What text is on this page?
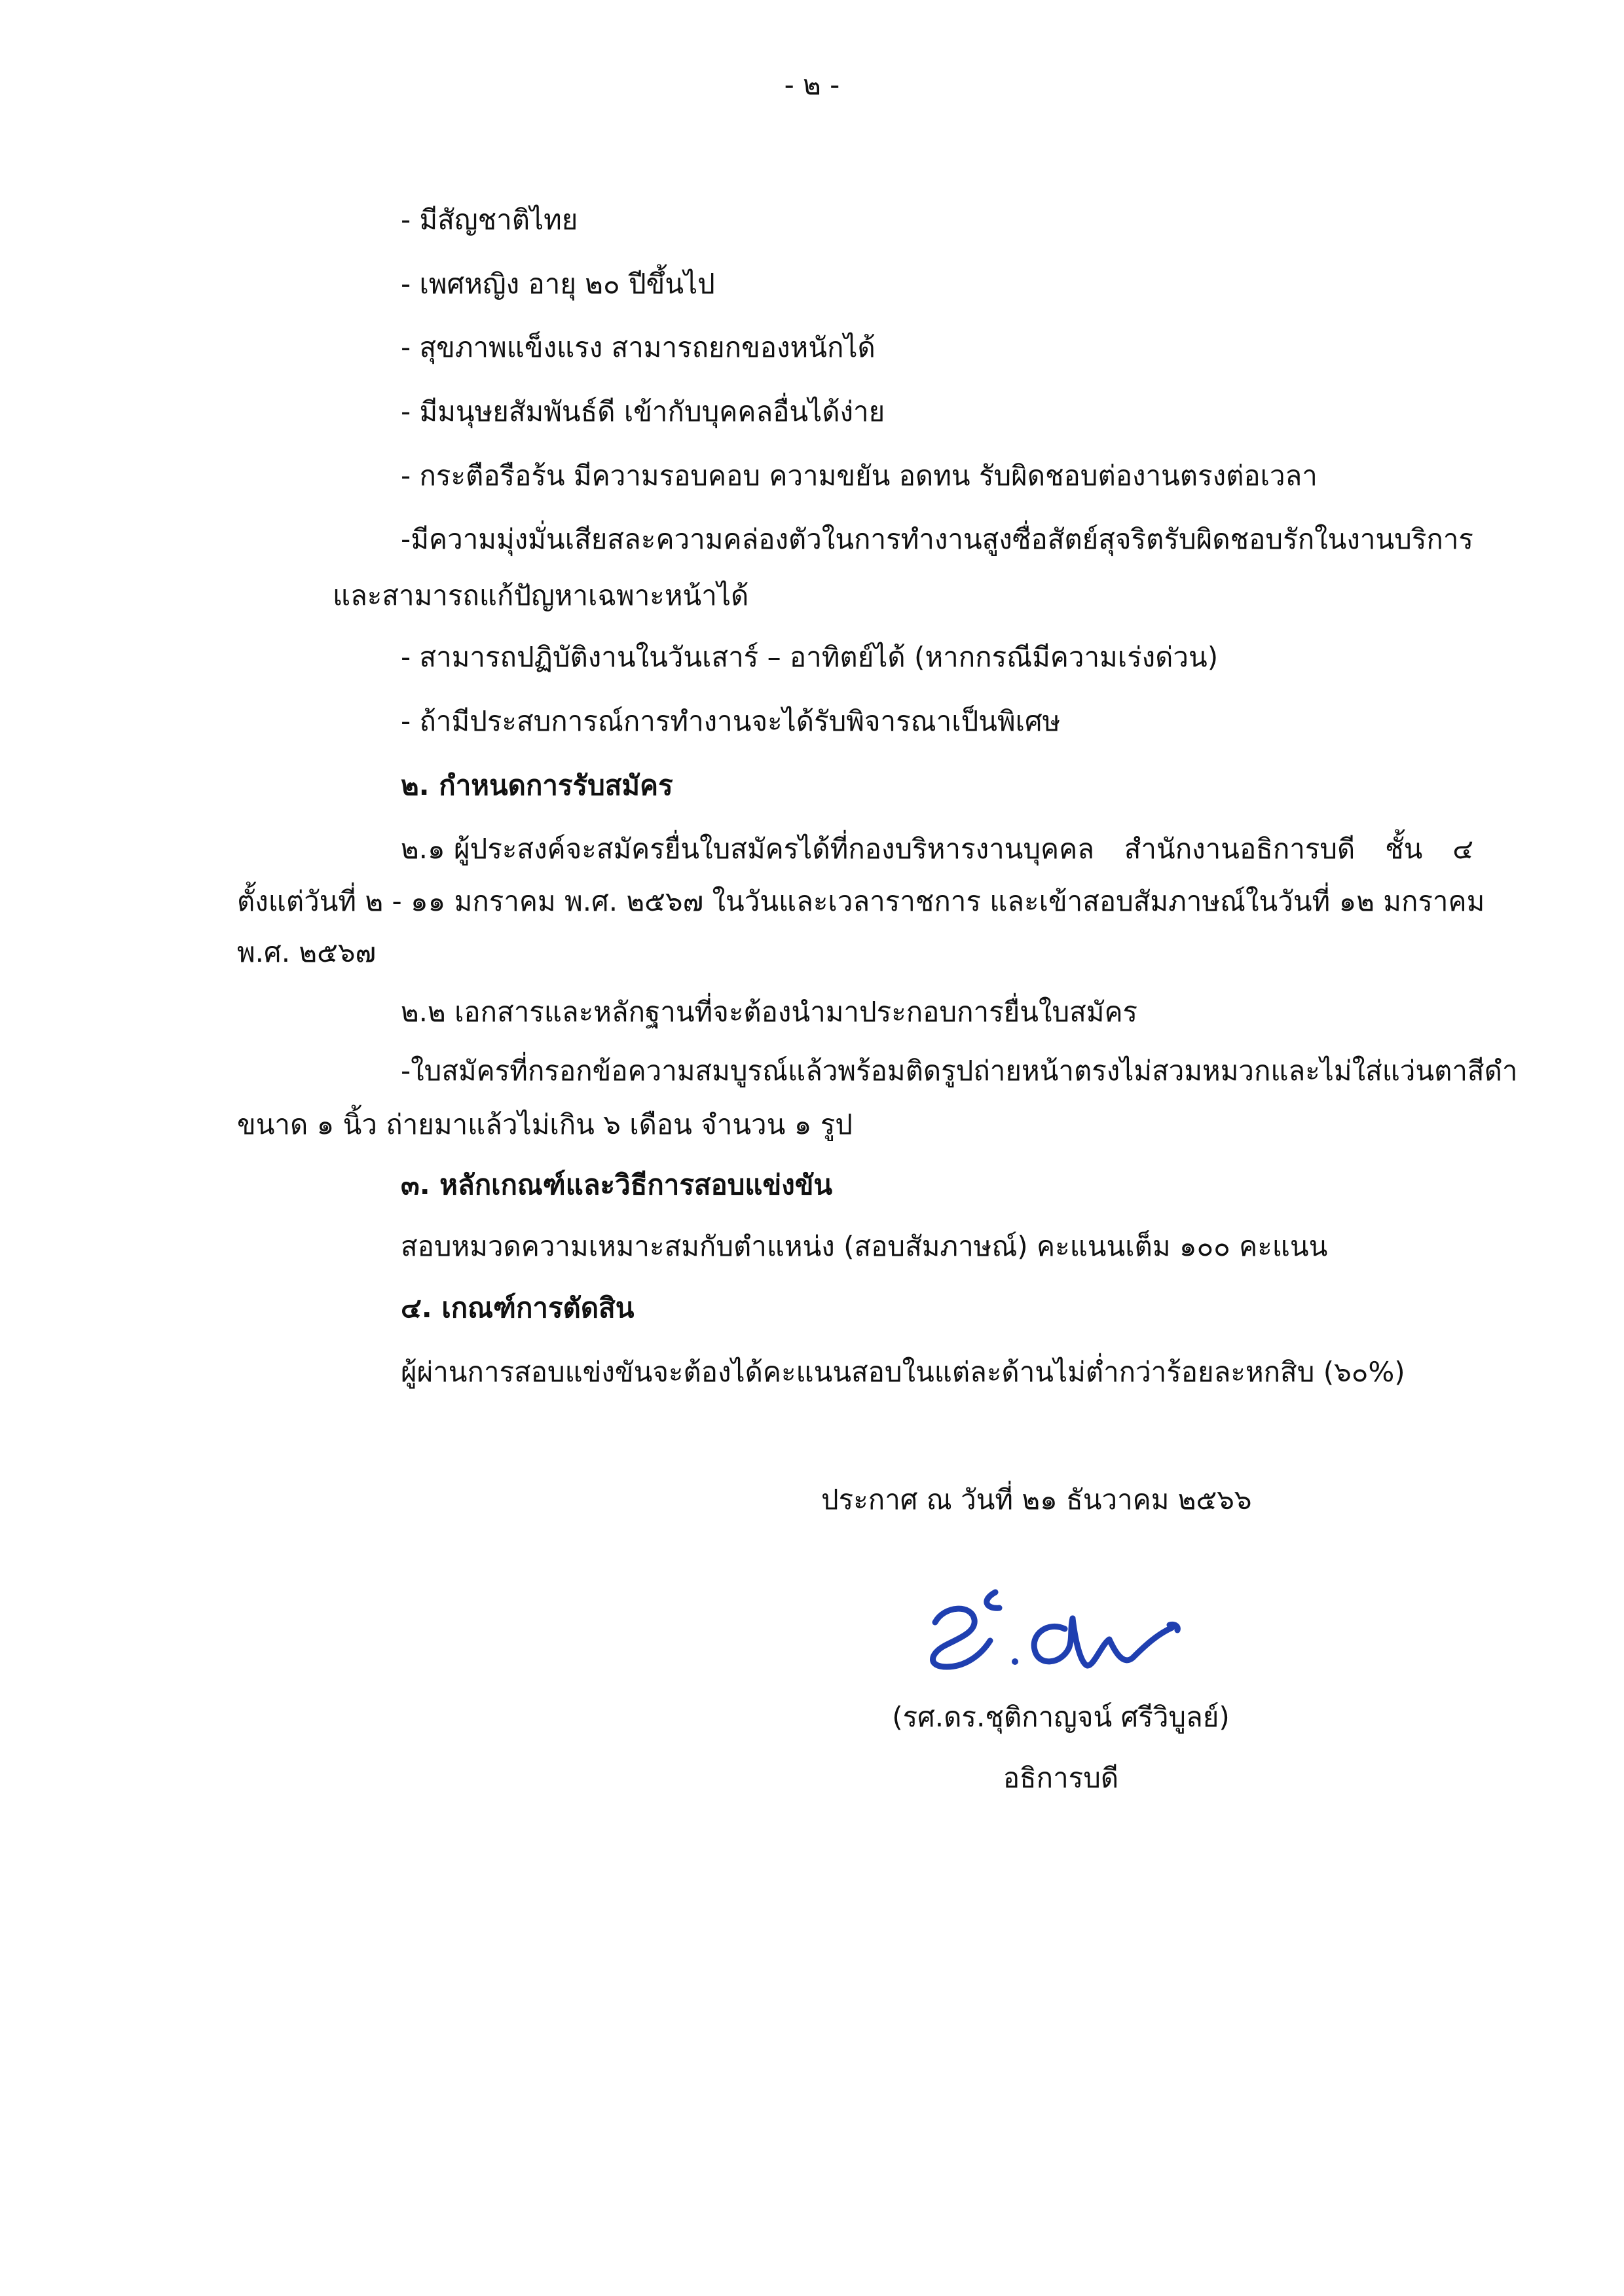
- ๒ -
- มีสัญชาติไทย
- เพศหญิง อายุ ๒๐ ปีขึ้นไป
- สุขภาพแข็งแรง สามารถยกของหนักได้
- มีมนุษยสัมพันธ์ดี เข้ากับบุคคลอื่นได้ง่าย
- กระตือรือร้น มีความรอบคอบ ความขยัน อดทน รับผิดชอบต่องานตรงต่อเวลา
- มีความมุ่งมั่น เสียสละ ความคล่องตัวในการทำงานสูง ซื่อสัตย์สุจริต รับผิดชอบ รักในงานบริการ
และสามารถแก้ปัญหาเฉพาะหน้าได้
- สามารถปฏิบัติงานในวันเสาร์ – อาทิตย์ได้ (หากกรณีมีความเร่งด่วน)
- ถ้ามีประสบการณ์การทำงานจะได้รับพิจารณาเป็นพิเศษ
๒. กำหนดการรับสมัคร
๒.๑ ผู้ประสงค์จะสมัครยื่นใบสมัครได้ที่กองบริหารงานบุคคล สำนักงานอธิการบดี ชั้น ๔
ตั้งแต่วันที่ ๒ - ๑๑ มกราคม พ.ศ. ๒๕๖๗ ในวันและเวลาราชการ และเข้าสอบสัมภาษณ์ในวันที่ ๑๒ มกราคม
พ.ศ. ๒๕๖๗
๒.๒ เอกสารและหลักฐานที่จะต้องนำมาประกอบการยื่นใบสมัคร
- ใบสมัครที่กรอกข้อความสมบูรณ์แล้ว พร้อมติดรูปถ่ายหน้าตรง ไม่สวมหมวกและไม่ใส่แว่นตาสีดำ
ขนาด ๑ นิ้ว ถ่ายมาแล้วไม่เกิน ๖ เดือน จำนวน ๑ รูป
๓. หลักเกณฑ์และวิธีการสอบแข่งขัน
สอบหมวดความเหมาะสมกับตำแหน่ง (สอบสัมภาษณ์) คะแนนเต็ม ๑๐๐ คะแนน
๔. เกณฑ์การตัดสิน
ผู้ผ่านการสอบแข่งขันจะต้องได้คะแนนสอบในแต่ละด้านไม่ต่ำกว่าร้อยละหกสิบ (๖๐%)
ประกาศ ณ วันที่ ๒๑ ธันวาคม ๒๕๖๖
(รศ.ดร.ชุติกาญจน์ ศรีวิบูลย์)
อธิการบดี
